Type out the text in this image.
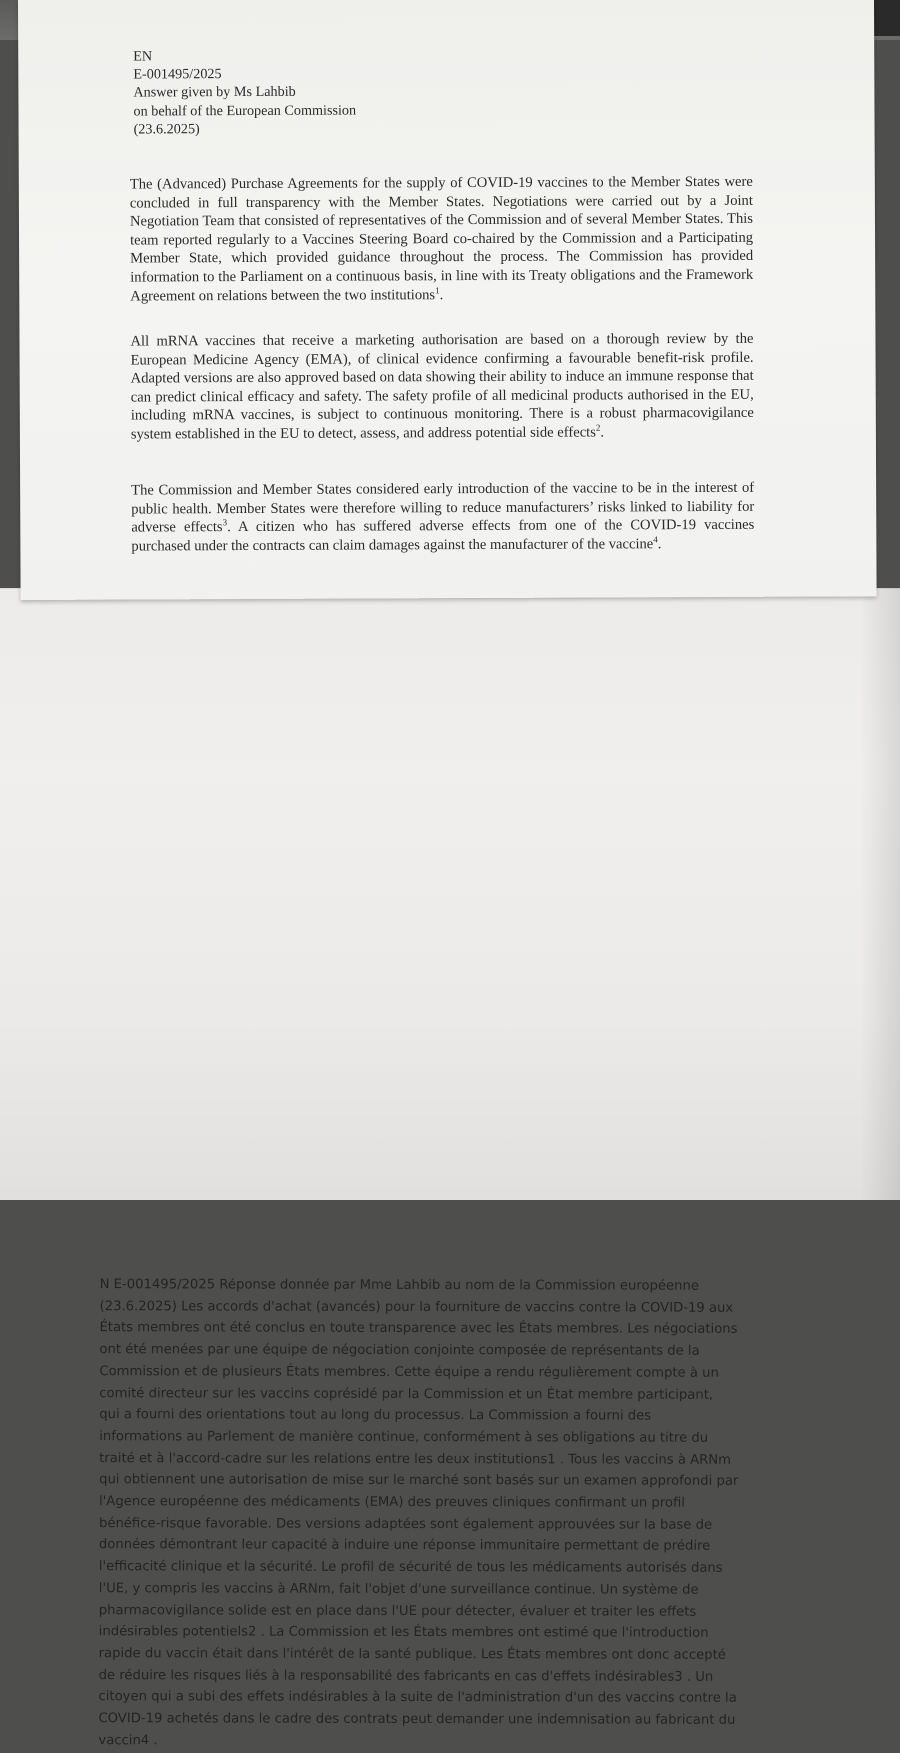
N E-001495/2025 Réponse donnée par Mme Lahbib au nom de la Commission européenne
(23.6.2025) Les accords d'achat (avancés) pour la fourniture de vaccins contre la COVID-19 aux
États membres ont été conclus en toute transparence avec les États membres. Les négociations
ont été menées par une équipe de négociation conjointe composée de représentants de la
Commission et de plusieurs États membres. Cette équipe a rendu régulièrement compte à un
comité directeur sur les vaccins coprésidé par la Commission et un État membre participant,
qui a fourni des orientations tout au long du processus. La Commission a fourni des
informations au Parlement de manière continue, conformément à ses obligations au titre du
traité et à l'accord-cadre sur les relations entre les deux institutions1 . Tous les vaccins à ARNm
qui obtiennent une autorisation de mise sur le marché sont basés sur un examen approfondi par
l'Agence européenne des médicaments (EMA) des preuves cliniques confirmant un profil
bénéfice-risque favorable. Des versions adaptées sont également approuvées sur la base de
données démontrant leur capacité à induire une réponse immunitaire permettant de prédire
l'efficacité clinique et la sécurité. Le profil de sécurité de tous les médicaments autorisés dans
l'UE, y compris les vaccins à ARNm, fait l'objet d'une surveillance continue. Un système de
pharmacovigilance solide est en place dans l'UE pour détecter, évaluer et traiter les effets
indésirables potentiels2 . La Commission et les États membres ont estimé que l'introduction
rapide du vaccin était dans l'intérêt de la santé publique. Les États membres ont donc accepté
de réduire les risques liés à la responsabilité des fabricants en cas d'effets indésirables3 . Un
citoyen qui a subi des effets indésirables à la suite de l'administration d'un des vaccins contre la
COVID-19 achetés dans le cadre des contrats peut demander une indemnisation au fabricant du
vaccin4 .
EN
E-001495/2025
Answer given by Ms Lahbib
on behalf of the European Commission
(23.6.2025)
The (Advanced) Purchase Agreements for the supply of COVID-19 vaccines to the Member States were concluded in full transparency with the Member States. Negotiations were carried out by a Joint Negotiation Team that consisted of representatives of the Commission and of several Member States. This team reported regularly to a Vaccines Steering Board co-chaired by the Commission and a Participating Member State, which provided guidance throughout the process. The Commission has provided information to the Parliament on a continuous basis, in line with its Treaty obligations and the Framework Agreement on relations between the two institutions$^1$.
All mRNA vaccines that receive a marketing authorisation are based on a thorough review by the European Medicine Agency (EMA), of clinical evidence confirming a favourable benefit-risk profile. Adapted versions are also approved based on data showing their ability to induce an immune response that can predict clinical efficacy and safety. The safety profile of all medicinal products authorised in the EU, including mRNA vaccines, is subject to continuous monitoring. There is a robust pharmacovigilance system established in the EU to detect, assess, and address potential side effects$^2$.
The Commission and Member States considered early introduction of the vaccine to be in the interest of public health. Member States were therefore willing to reduce manufacturers’ risks linked to liability for adverse effects$^3$. A citizen who has suffered adverse effects from one of the COVID-19 vaccines purchased under the contracts can claim damages against the manufacturer of the vaccine$^4$.
